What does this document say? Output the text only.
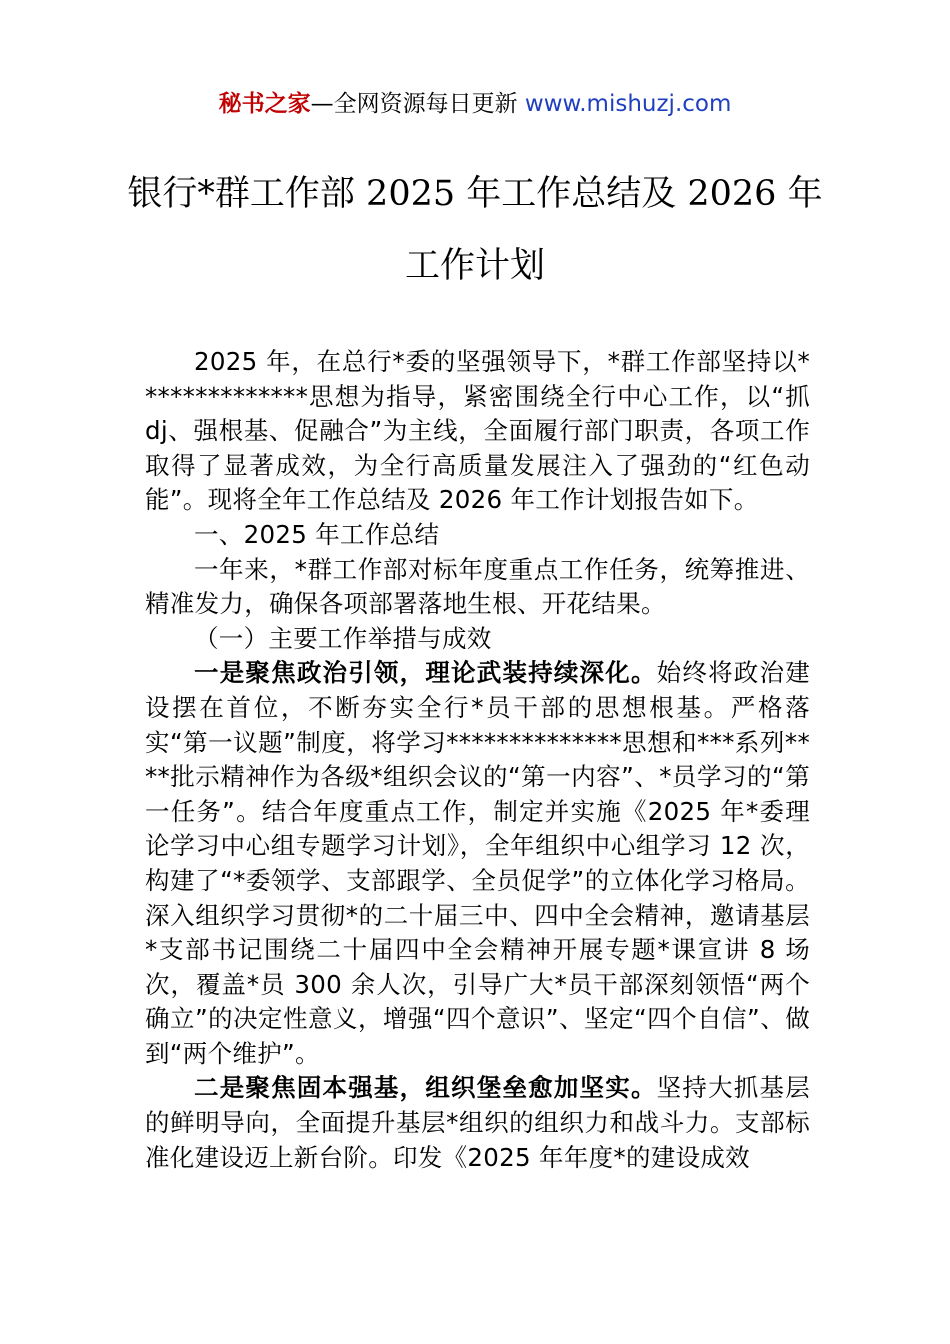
秘书之家—全网资源每日更新 www.mishuzj.com
银行*群工作部 2025 年工作总结及 2026 年
工作计划

2025 年，在总行*委的坚强领导下，*群工作部坚持以**************思想为指导，紧密围绕全行中心工作，以“抓 dj、强根基、促融合”为主线，全面履行部门职责，各项工作取得了显著成效，为全行高质量发展注入了强劲的“红色动能”。现将全年工作总结及 2026 年工作计划报告如下。

一、2025 年工作总结

一年来，*群工作部对标年度重点工作任务，统筹推进、精准发力，确保各项部署落地生根、开花结果。

（一）主要工作举措与成效

一是聚焦政治引领，理论武装持续深化。始终将政治建设摆在首位，不断夯实全行*员干部的思想根基。严格落实“第一议题”制度，将学习**************思想和***系列****批示精神作为各级*组织会议的“第一内容”、*员学习的“第一任务”。结合年度重点工作，制定并实施《2025 年*委理论学习中心组专题学习计划》，全年组织中心组学习 12 次，构建了“*委领学、支部跟学、全员促学”的立体化学习格局。深入组织学习贯彻*的二十届三中、四中全会精神，邀请基层*支部书记围绕二十届四中全会精神开展专题*课宣讲 8 场次，覆盖*员 300 余人次，引导广大*员干部深刻领悟“两个确立”的决定性意义，增强“四个意识”、坚定“四个自信”、做到“两个维护”。

二是聚焦固本强基，组织堡垒愈加坚实。坚持大抓基层的鲜明导向，全面提升基层*组织的组织力和战斗力。支部标准化建设迈上新台阶。印发《2025 年年度*的建设成效
